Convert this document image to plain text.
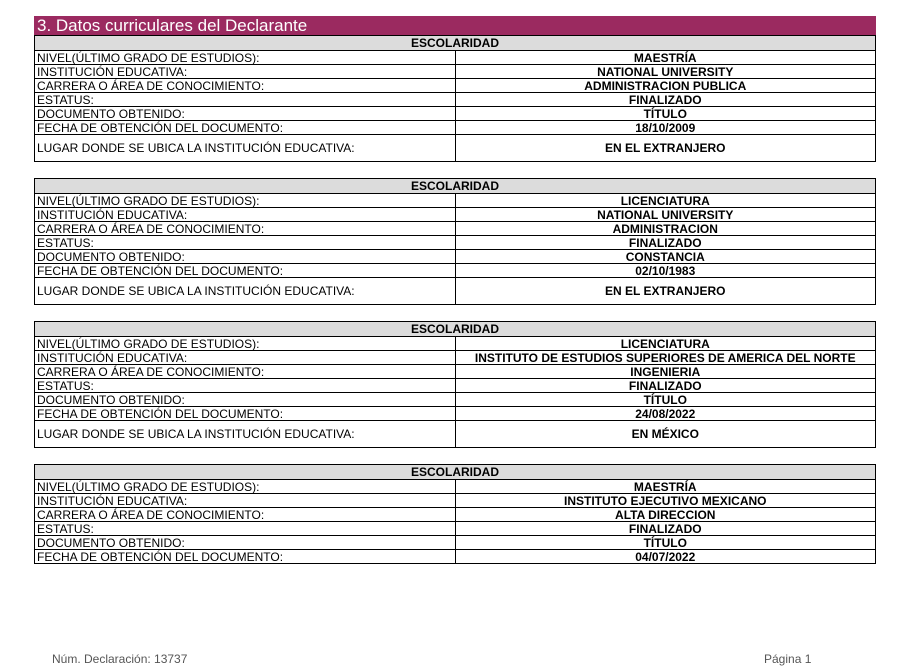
3. Datos curriculares del Declarante
ESCOLARIDAD	
NIVEL(ÚLTIMO GRADO DE ESTUDIOS):	MAESTRÍA
INSTITUCIÓN EDUCATIVA:	NATIONAL UNIVERSITY
CARRERA O ÁREA DE CONOCIMIENTO:	ADMINISTRACION PUBLICA
ESTATUS:	FINALIZADO
DOCUMENTO OBTENIDO:	TÍTULO
FECHA DE OBTENCIÓN DEL DOCUMENTO:	18/10/2009
LUGAR DONDE SE UBICA LA INSTITUCIÓN EDUCATIVA:	EN EL EXTRANJERO
ESCOLARIDAD	
NIVEL(ÚLTIMO GRADO DE ESTUDIOS):	LICENCIATURA
INSTITUCIÓN EDUCATIVA:	NATIONAL UNIVERSITY
CARRERA O ÁREA DE CONOCIMIENTO:	ADMINISTRACION
ESTATUS:	FINALIZADO
DOCUMENTO OBTENIDO:	CONSTANCIA
FECHA DE OBTENCIÓN DEL DOCUMENTO:	02/10/1983
LUGAR DONDE SE UBICA LA INSTITUCIÓN EDUCATIVA:	EN EL EXTRANJERO
ESCOLARIDAD	
NIVEL(ÚLTIMO GRADO DE ESTUDIOS):	LICENCIATURA
INSTITUCIÓN EDUCATIVA:	INSTITUTO DE ESTUDIOS SUPERIORES DE AMERICA DEL NORTE
CARRERA O ÁREA DE CONOCIMIENTO:	INGENIERIA
ESTATUS:	FINALIZADO
DOCUMENTO OBTENIDO:	TÍTULO
FECHA DE OBTENCIÓN DEL DOCUMENTO:	24/08/2022
LUGAR DONDE SE UBICA LA INSTITUCIÓN EDUCATIVA:	EN MÉXICO
ESCOLARIDAD	
NIVEL(ÚLTIMO GRADO DE ESTUDIOS):	MAESTRÍA
INSTITUCIÓN EDUCATIVA:	INSTITUTO EJECUTIVO MEXICANO
CARRERA O ÁREA DE CONOCIMIENTO:	ALTA DIRECCION
ESTATUS:	FINALIZADO
DOCUMENTO OBTENIDO:	TÍTULO
FECHA DE OBTENCIÓN DEL DOCUMENTO:	04/07/2022
Núm. Declaración: 13737	Página 1
